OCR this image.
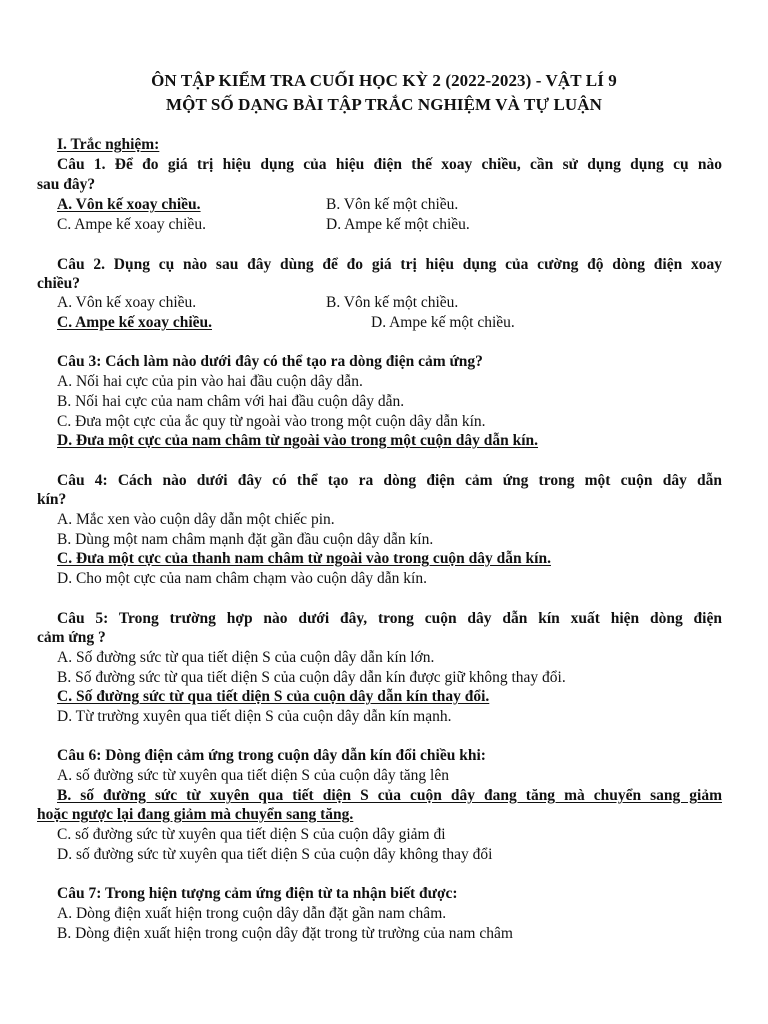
ÔN TẬP KIỂM TRA CUỐI HỌC KỲ 2 (2022-2023) - VẬT LÍ 9
MỘT SỐ DẠNG BÀI TẬP TRẮC NGHIỆM VÀ TỰ LUẬN
I. Trắc nghiệm:
Câu 1. Để đo giá trị hiệu dụng của hiệu điện thế xoay chiều, cần sử dụng dụng cụ nào
sau đây?
A. Vôn kế xoay chiều.	B. Vôn kế một chiều.
C. Ampe kế xoay chiều.	D. Ampe kế một chiều.
Câu 2. Dụng cụ nào sau đây dùng để đo giá trị hiệu dụng của cường độ dòng điện xoay
chiều?
A. Vôn kế xoay chiều.	B. Vôn kế một chiều.
C. Ampe kế xoay chiều.	D. Ampe kế một chiều.
Câu 3: Cách làm nào dưới đây có thể tạo ra dòng điện cảm ứng?
A. Nối hai cực của pin vào hai đầu cuộn dây dẫn.
B. Nối hai cực của nam châm với hai đầu cuộn dây dẫn.
C. Đưa một cực của ắc quy từ ngoài vào trong một cuộn dây dẫn kín.
D. Đưa một cực của nam châm từ ngoài vào trong một cuộn dây dẫn kín.
Câu 4: Cách nào dưới đây có thể tạo ra dòng điện cảm ứng trong một cuộn dây dẫn
kín?
A. Mắc xen vào cuộn dây dẫn một chiếc pin.
B. Dùng một nam châm mạnh đặt gần đầu cuộn dây dẫn kín.
C. Đưa một cực của thanh nam châm từ ngoài vào trong cuộn dây dẫn kín.
D. Cho một cực của nam châm chạm vào cuộn dây dẫn kín.
Câu 5: Trong trường hợp nào dưới đây, trong cuộn dây dẫn kín xuất hiện dòng điện
cảm ứng ?
A. Số đường sức từ qua tiết diện S của cuộn dây dẫn kín lớn.
B. Số đường sức từ qua tiết diện S của cuộn dây dẫn kín được giữ không thay đổi.
C. Số đường sức từ qua tiết diện S của cuộn dây dẫn kín thay đổi.
D. Từ trường xuyên qua tiết diện S của cuộn dây dẫn kín mạnh.
Câu 6: Dòng điện cảm ứng trong cuộn dây dẫn kín đổi chiều khi:
A. số đường sức từ xuyên qua tiết diện S của cuộn dây tăng lên
B. số đường sức từ xuyên qua tiết diện S của cuộn dây đang tăng mà chuyển sang giảm
hoặc ngược lại đang giảm mà chuyển sang tăng.
C. số đường sức từ xuyên qua tiết diện S của cuộn dây giảm đi
D. số đường sức từ xuyên qua tiết diện S của cuộn dây không thay đổi
Câu 7: Trong hiện tượng cảm ứng điện từ ta nhận biết được:
A. Dòng điện xuất hiện trong cuộn dây dẫn đặt gần nam châm.
B. Dòng điện xuất hiện trong cuộn dây đặt trong từ trường của nam châm
